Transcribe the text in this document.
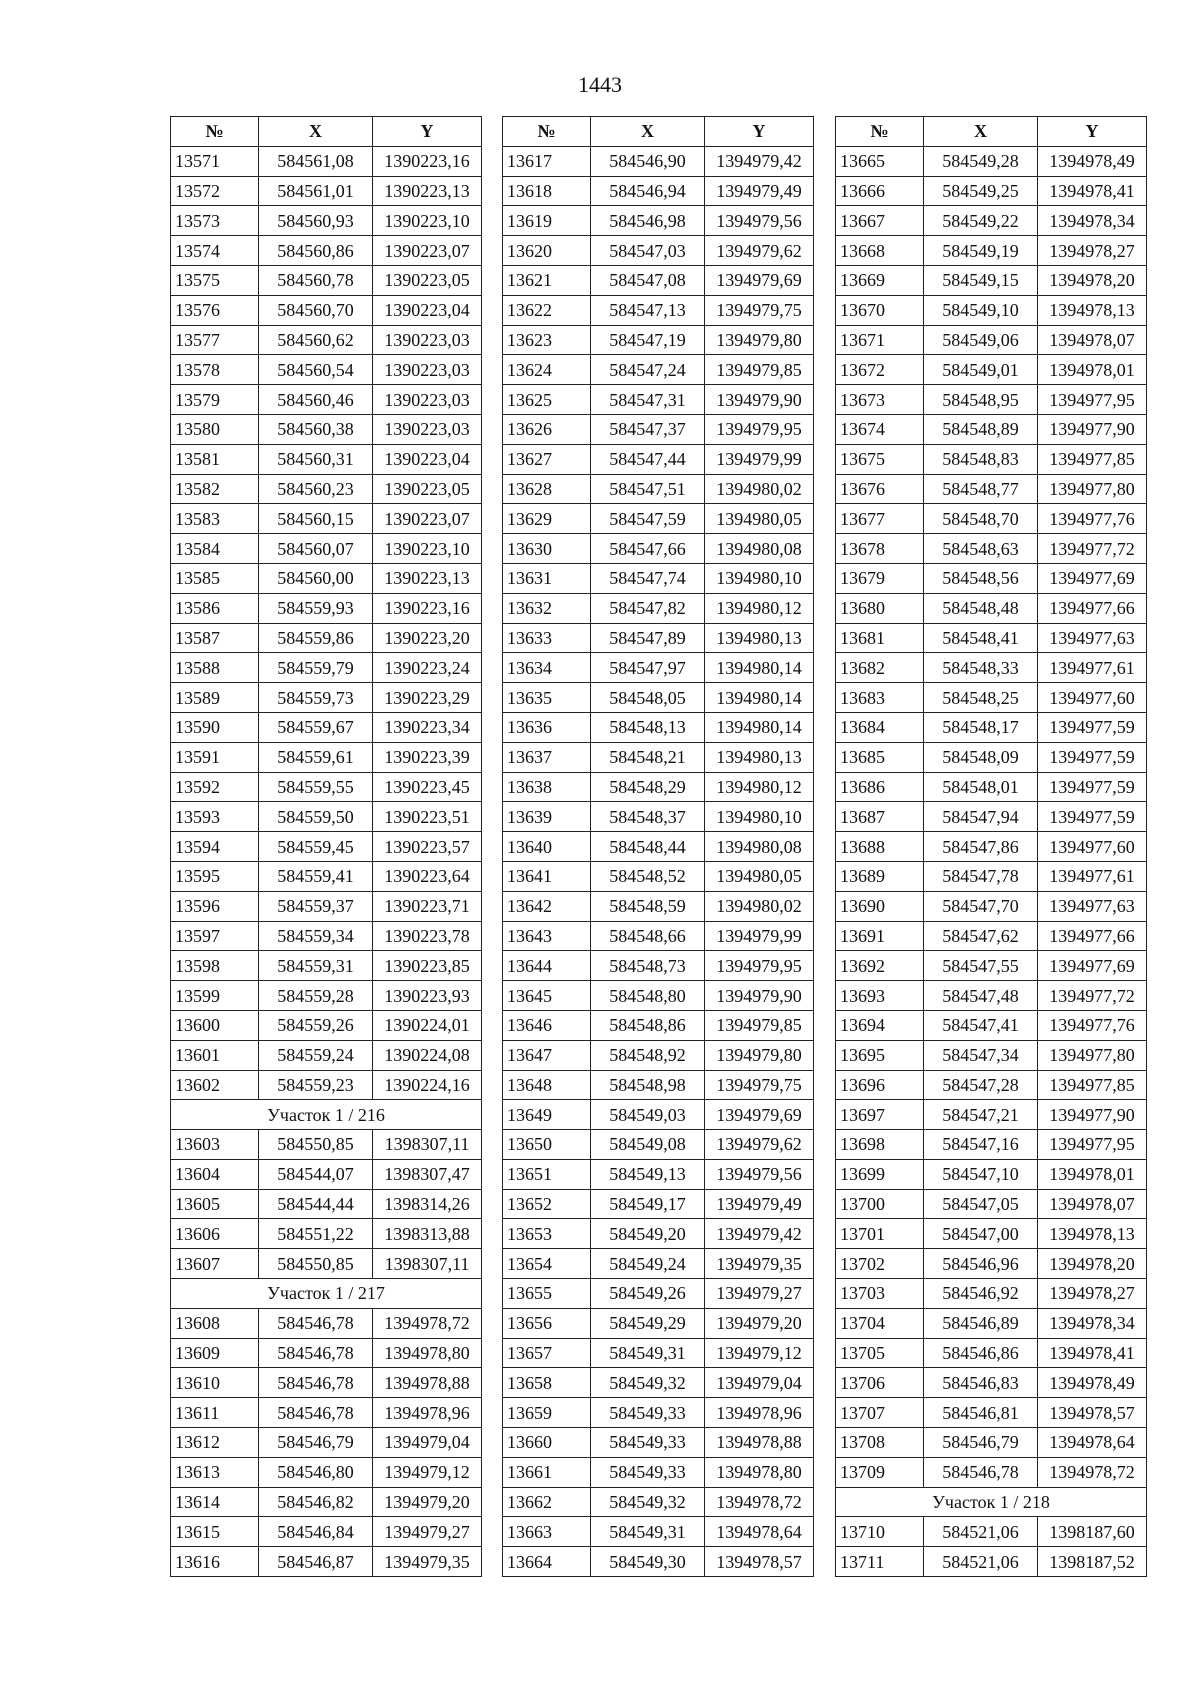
1443
№	X	Y
13571	584561,08	1390223,16
13572	584561,01	1390223,13
13573	584560,93	1390223,10
13574	584560,86	1390223,07
13575	584560,78	1390223,05
13576	584560,70	1390223,04
13577	584560,62	1390223,03
13578	584560,54	1390223,03
13579	584560,46	1390223,03
13580	584560,38	1390223,03
13581	584560,31	1390223,04
13582	584560,23	1390223,05
13583	584560,15	1390223,07
13584	584560,07	1390223,10
13585	584560,00	1390223,13
13586	584559,93	1390223,16
13587	584559,86	1390223,20
13588	584559,79	1390223,24
13589	584559,73	1390223,29
13590	584559,67	1390223,34
13591	584559,61	1390223,39
13592	584559,55	1390223,45
13593	584559,50	1390223,51
13594	584559,45	1390223,57
13595	584559,41	1390223,64
13596	584559,37	1390223,71
13597	584559,34	1390223,78
13598	584559,31	1390223,85
13599	584559,28	1390223,93
13600	584559,26	1390224,01
13601	584559,24	1390224,08
13602	584559,23	1390224,16
Участок 1 / 216		
13603	584550,85	1398307,11
13604	584544,07	1398307,47
13605	584544,44	1398314,26
13606	584551,22	1398313,88
13607	584550,85	1398307,11
Участок 1 / 217		
13608	584546,78	1394978,72
13609	584546,78	1394978,80
13610	584546,78	1394978,88
13611	584546,78	1394978,96
13612	584546,79	1394979,04
13613	584546,80	1394979,12
13614	584546,82	1394979,20
13615	584546,84	1394979,27
13616	584546,87	1394979,35
№	X	Y
13617	584546,90	1394979,42
13618	584546,94	1394979,49
13619	584546,98	1394979,56
13620	584547,03	1394979,62
13621	584547,08	1394979,69
13622	584547,13	1394979,75
13623	584547,19	1394979,80
13624	584547,24	1394979,85
13625	584547,31	1394979,90
13626	584547,37	1394979,95
13627	584547,44	1394979,99
13628	584547,51	1394980,02
13629	584547,59	1394980,05
13630	584547,66	1394980,08
13631	584547,74	1394980,10
13632	584547,82	1394980,12
13633	584547,89	1394980,13
13634	584547,97	1394980,14
13635	584548,05	1394980,14
13636	584548,13	1394980,14
13637	584548,21	1394980,13
13638	584548,29	1394980,12
13639	584548,37	1394980,10
13640	584548,44	1394980,08
13641	584548,52	1394980,05
13642	584548,59	1394980,02
13643	584548,66	1394979,99
13644	584548,73	1394979,95
13645	584548,80	1394979,90
13646	584548,86	1394979,85
13647	584548,92	1394979,80
13648	584548,98	1394979,75
13649	584549,03	1394979,69
13650	584549,08	1394979,62
13651	584549,13	1394979,56
13652	584549,17	1394979,49
13653	584549,20	1394979,42
13654	584549,24	1394979,35
13655	584549,26	1394979,27
13656	584549,29	1394979,20
13657	584549,31	1394979,12
13658	584549,32	1394979,04
13659	584549,33	1394978,96
13660	584549,33	1394978,88
13661	584549,33	1394978,80
13662	584549,32	1394978,72
13663	584549,31	1394978,64
13664	584549,30	1394978,57
№	X	Y
13665	584549,28	1394978,49
13666	584549,25	1394978,41
13667	584549,22	1394978,34
13668	584549,19	1394978,27
13669	584549,15	1394978,20
13670	584549,10	1394978,13
13671	584549,06	1394978,07
13672	584549,01	1394978,01
13673	584548,95	1394977,95
13674	584548,89	1394977,90
13675	584548,83	1394977,85
13676	584548,77	1394977,80
13677	584548,70	1394977,76
13678	584548,63	1394977,72
13679	584548,56	1394977,69
13680	584548,48	1394977,66
13681	584548,41	1394977,63
13682	584548,33	1394977,61
13683	584548,25	1394977,60
13684	584548,17	1394977,59
13685	584548,09	1394977,59
13686	584548,01	1394977,59
13687	584547,94	1394977,59
13688	584547,86	1394977,60
13689	584547,78	1394977,61
13690	584547,70	1394977,63
13691	584547,62	1394977,66
13692	584547,55	1394977,69
13693	584547,48	1394977,72
13694	584547,41	1394977,76
13695	584547,34	1394977,80
13696	584547,28	1394977,85
13697	584547,21	1394977,90
13698	584547,16	1394977,95
13699	584547,10	1394978,01
13700	584547,05	1394978,07
13701	584547,00	1394978,13
13702	584546,96	1394978,20
13703	584546,92	1394978,27
13704	584546,89	1394978,34
13705	584546,86	1394978,41
13706	584546,83	1394978,49
13707	584546,81	1394978,57
13708	584546,79	1394978,64
13709	584546,78	1394978,72
Участок 1 / 218		
13710	584521,06	1398187,60
13711	584521,06	1398187,52
